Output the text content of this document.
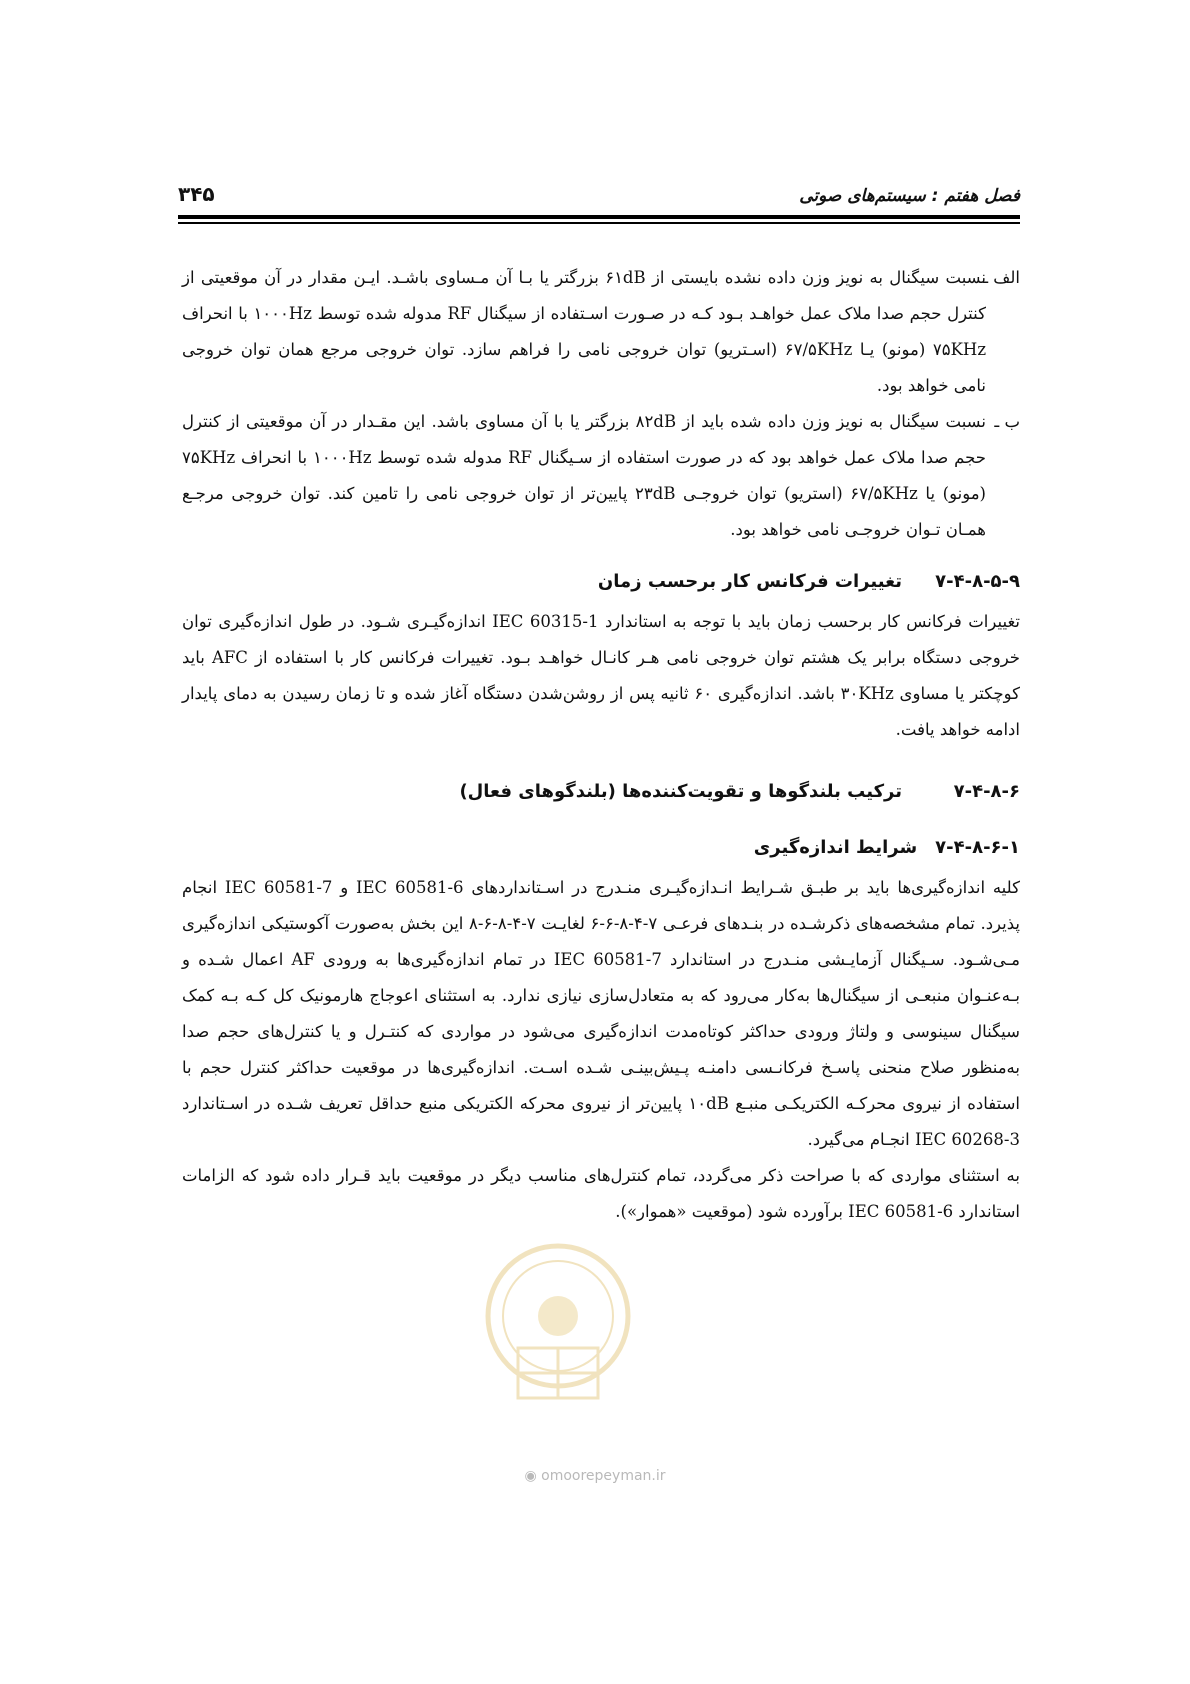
فصل هفتم : سیستم‌های صوتی
۳۴۵
الف ـ
نسبت سیگنال به نویز وزن داده نشده بایستی از ۶۱dB بزرگتر یا بـا آن مـساوی باشـد. ایـن مقدار در آن موقعیتی از کنترل حجم صدا ملاک عمل خواهـد بـود کـه در صـورت اسـتفاده از سیگنال RF مدوله شده توسط ۱۰۰۰Hz با انحراف ۷۵KHz (مونو) یـا ۶۷/۵KHz (اسـتریو) توان خروجی نامی را فراهم سازد. توان خروجی مرجع همان توان خروجی نامی خواهد بود.
ب ـ
نسبت سیگنال به نویز وزن داده شده باید از ۸۲dB بزرگتر یا با آن مساوی باشد. این مقـدار در آن موقعیتی از کنترل حجم صدا ملاک عمل خواهد بود که در صورت استفاده از سـیگنال RF مدوله شده توسط ۱۰۰۰Hz با انحراف ۷۵KHz (مونو) یا ۶۷/۵KHz (استریو) توان خروجـی ۲۳dB پایین‌تر از توان خروجی نامی را تامین کند. توان خروجی مرجـع همـان تـوان خروجـی نامی خواهد بود.
۷-۴-۸-۵-۹
تغییرات فرکانس کار برحسب زمان
تغییرات فرکانس کار برحسب زمان باید با توجه به استاندارد IEC 60315-1 اندازه‌گیـری شـود. در طول اندازه‌گیری توان خروجی دستگاه برابر یک هشتم توان خروجی نامی هـر کانـال خواهـد بـود. تغییرات فرکانس کار با استفاده از AFC باید کوچکتر یا مساوی ۳۰KHz باشد. اندازه‌گیری ۶۰ ثانیه پس از روشن‌شدن دستگاه آغاز شده و تا زمان رسیدن به دمای پایدار ادامه خواهد یافت.
۷-۴-۸-۶
ترکیب بلندگوها و تقویت‌کننده‌ها (بلندگوهای فعال)
۷-۴-۸-۶-۱
شرایط اندازه‌گیری
کلیه اندازه‌گیری‌ها باید بر طبـق شـرایط انـدازه‌گیـری منـدرج در اسـتانداردهای IEC 60581-6 و IEC 60581-7 انجام پذیرد. تمام مشخصه‌های ذکرشـده در بنـدهای فرعـی ۷-۴-۸-۶-۶ لغایـت ۷-۴-۸-۶-۸ این بخش به‌صورت آکوستیکی اندازه‌گیری مـی‌شـود. سـیگنال آزمایـشی منـدرج در استاندارد IEC 60581-7 در تمام اندازه‌گیری‌ها به ورودی AF اعمال شـده و بـه‌عنـوان منبعـی از سیگنال‌ها به‌کار می‌رود که به متعادل‌سازی نیازی ندارد. به استثنای اعوجاج هارمونیک کل کـه بـه کمک سیگنال سینوسی و ولتاژ ورودی حداکثر کوتاه‌مدت اندازه‌گیری می‌شود در مواردی که کنتـرل و یا کنترل‌های حجم صدا به‌منظور صلاح منحنی پاسـخ فرکانـسی دامنـه پـیش‌بینـی شـده اسـت. اندازه‌گیری‌ها در موقعیت حداکثر کنترل حجم با استفاده از نیروی محرکـه الکتریکـی منبـع ۱۰dB پایین‌تر از نیروی محرکه الکتریکی منبع حداقل تعریف شـده در اسـتاندارد IEC 60268-3 انجـام می‌گیرد.
به استثنای مواردی که با صراحت ذکر می‌گردد، تمام کنترل‌های مناسب دیگر در موقعیت باید قـرار داده شود که الزامات استاندارد IEC 60581-6 برآورده شود (موقعیت «هموار»).
◉ omoorepeyman.ir
